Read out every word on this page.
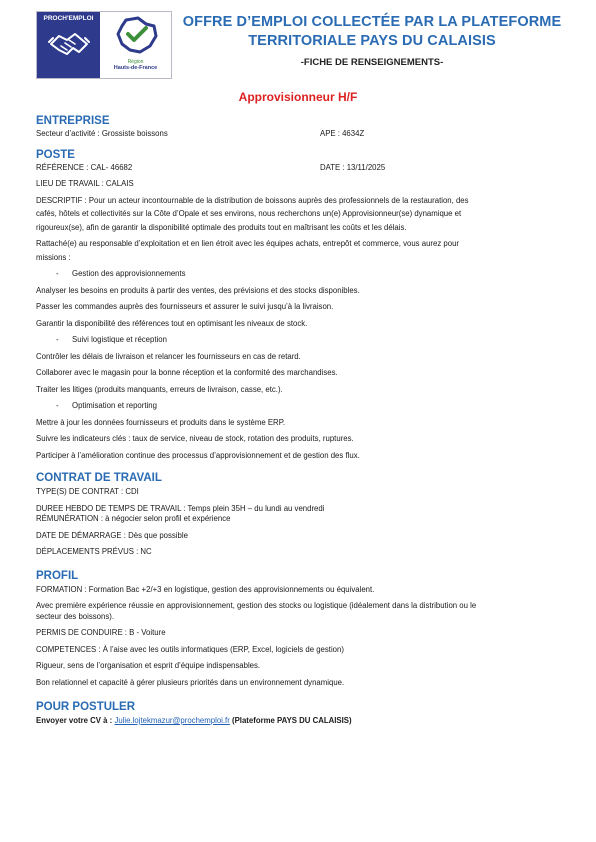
PROCH'EMPLOI
Région
Hauts-de-France
OFFRE D’EMPLOI COLLECTÉE PAR LA PLATEFORME
TERRITORIALE PAYS DU CALAISIS
-FICHE DE RENSEIGNEMENTS-
Approvisionneur H/F
ENTREPRISE
Secteur d’activité : Grossiste boissons	APE : 4634Z
POSTE
RÉFÉRENCE : CAL- 46682	DATE : 13/11/2025
LIEU DE TRAVAIL : CALAIS
DESCRIPTIF : Pour un acteur incontournable de la distribution de boissons auprès des professionnels de la restauration, des
cafés, hôtels et collectivités sur la Côte d’Opale et ses environs, nous recherchons un(e) Approvisionneur(se) dynamique et
rigoureux(se), afin de garantir la disponibilité optimale des produits tout en maîtrisant les coûts et les délais.
Rattaché(e) au responsable d’exploitation et en lien étroit avec les équipes achats, entrepôt et commerce, vous aurez pour
missions :
- Gestion des approvisionnements
Analyser les besoins en produits à partir des ventes, des prévisions et des stocks disponibles.
Passer les commandes auprès des fournisseurs et assurer le suivi jusqu’à la livraison.
Garantir la disponibilité des références tout en optimisant les niveaux de stock.
- Suivi logistique et réception
Contrôler les délais de livraison et relancer les fournisseurs en cas de retard.
Collaborer avec le magasin pour la bonne réception et la conformité des marchandises.
Traiter les litiges (produits manquants, erreurs de livraison, casse, etc.).
- Optimisation et reporting
Mettre à jour les données fournisseurs et produits dans le système ERP.
Suivre les indicateurs clés : taux de service, niveau de stock, rotation des produits, ruptures.
Participer à l’amélioration continue des processus d’approvisionnement et de gestion des flux.
CONTRAT DE TRAVAIL
TYPE(S) DE CONTRAT : CDI
DUREE HEBDO DE TEMPS DE TRAVAIL : Temps plein 35H – du lundi au vendredi
RÉMUNÉRATION : à négocier selon profil et expérience
DATE DE DÉMARRAGE : Dès que possible
DÉPLACEMENTS PRÉVUS : NC
PROFIL
FORMATION : Formation Bac +2/+3 en logistique, gestion des approvisionnements ou équivalent.
Avec première expérience réussie en approvisionnement, gestion des stocks ou logistique (idéalement dans la distribution ou le
secteur des boissons).
PERMIS DE CONDUIRE : B - Voiture
COMPETENCES : À l’aise avec les outils informatiques (ERP, Excel, logiciels de gestion)
Rigueur, sens de l’organisation et esprit d’équipe indispensables.
Bon relationnel et capacité à gérer plusieurs priorités dans un environnement dynamique.
POUR POSTULER
Envoyer votre CV à : Julie.lojtekmazur@prochemploi.fr (Plateforme PAYS DU CALAISIS)
